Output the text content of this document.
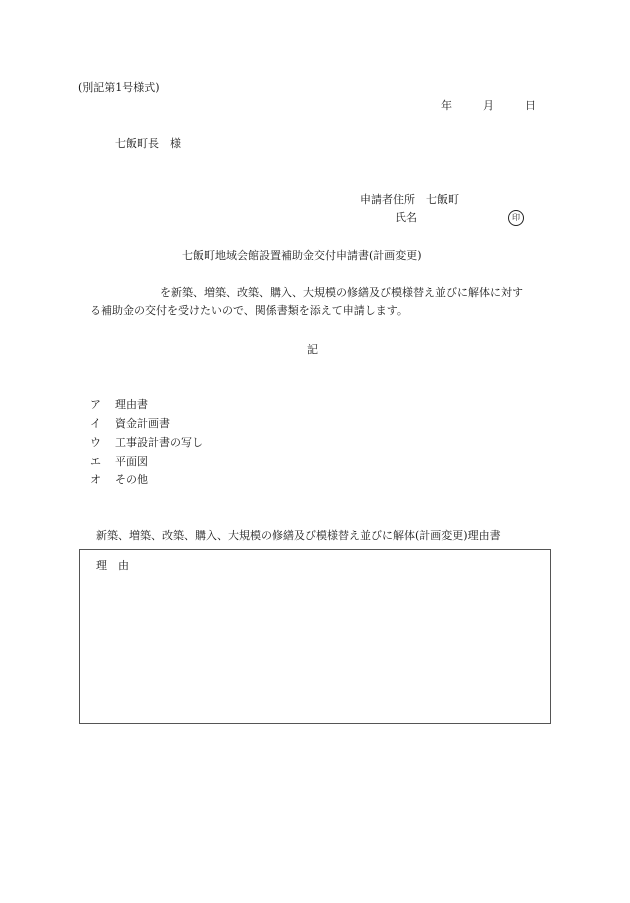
(別記第1号様式)
年	月	日
七飯町長　様
申請者住所　七飯町
氏名	印
七飯町地域会館設置補助金交付申請書(計画変更)
を新築、増築、改築、購入、大規模の修繕及び模様替え並びに解体に対す
る補助金の交付を受けたいので、関係書類を添えて申請します。
記
ア 理由書
イ 資金計画書
ウ 工事設計書の写し
エ 平面図
オ その他
新築、増築、改築、購入、大規模の修繕及び模様替え並びに解体(計画変更)理由書
理　由
